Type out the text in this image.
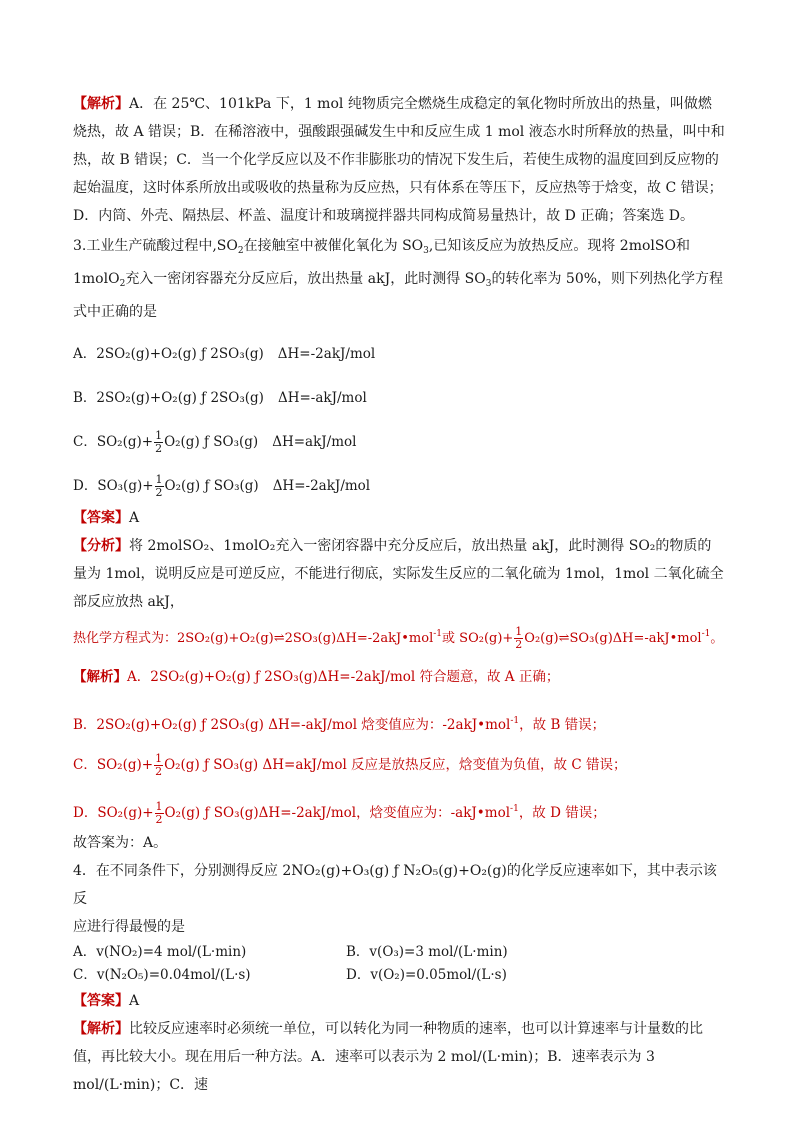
【解析】A．在 25℃、101kPa 下，1 mol 纯物质完全燃烧生成稳定的氧化物时所放出的热量，叫做燃烧热，故 A 错误；B．在稀溶液中，强酸跟强碱发生中和反应生成 1 mol 液态水时所释放的热量，叫中和热，故 B 错误；C．当一个化学反应以及不作非膨胀功的情况下发生后，若使生成物的温度回到反应物的起始温度，这时体系所放出或吸收的热量称为反应热，只有体系在等压下，反应热等于焓变，故 C 错误；D．内筒、外壳、隔热层、杯盖、温度计和玻璃搅拌器共同构成简易量热计，故 D 正确；答案选 D。

3.工业生产硫酸过程中$,SO_2$在接触室中被催化氧化为 $SO_3$,已知该反应为放热反应。现将 2molSO和 1molO$_2$充入一密闭容器充分反应后，放出热量 akJ，此时测得 $SO_3$的转化率为 50%，则下列热化学方程式中正确的是

A．2SO₂(g)+O₂(g) ƒ 2SO₃(g) ΔH=-2akJ/mol
B．2SO₂(g)+O₂(g) ƒ 2SO₃(g) ΔH=-akJ/mol
C．$SO_2(g)+ \frac{1}{2} O_2(g)$ ƒ SO₃(g) ΔH=akJ/mol
D．$SO_3(g)+ \frac{1}{2} O_2(g)$ ƒ SO₃(g) ΔH=-2akJ/mol

【答案】A

【分析】将 2molSO₂、1molO₂充入一密闭容器中充分反应后，放出热量 akJ，此时测得 SO₂的物质的量为 1mol，说明反应是可逆反应，不能进行彻底，实际发生反应的二氧化硫为 1mol，1mol 二氧化硫全部反应放热 akJ，

热化学方程式为：2SO₂(g)+O₂(g)⇌2SO₃(g)ΔH=-2akJ•mol$^{-1}$或 $SO_2(g)+ \frac{1}{2}$ O₂(g)⇌SO₃(g)ΔH=-akJ•mol$^{-1}$。

【解析】A．2SO₂(g)+O₂(g) ƒ 2SO₃(g)ΔH=-2akJ/mol 符合题意，故 A 正确；
B．2SO₂(g)+O₂(g) ƒ 2SO₃(g) ΔH=-akJ/mol 焓变值应为：-2akJ•mol$^{-1}$，故 B 错误；
C．$SO_2(g)+ \frac{1}{2} O_2(g)$ ƒ SO₃(g) ΔH=akJ/mol 反应是放热反应，焓变值为负值，故 C 错误；
D．$SO_2(g)+ \frac{1}{2} O_2(g)$ ƒ SO₃(g)ΔH=-2akJ/mol，焓变值应为：-akJ•mol$^{-1}$，故 D 错误；

故答案为：A。

4．在不同条件下，分别测得反应 2NO₂(g)+O₃(g) ƒ N₂O₅(g)+O₂(g)的化学反应速率如下，其中表示该反
应进行得最慢的是

A．v(NO₂)=4 mol/(L·min)	B．v(O₃)=3 mol/(L·min)
C．v(N₂O₅)=0.04mol/(L·s)	D．v(O₂)=0.05mol/(L·s)

【答案】A

【解析】比较反应速率时必须统一单位，可以转化为同一种物质的速率，也可以计算速率与计量数的比值，再比较大小。现在用后一种方法。A．速率可以表示为 2 mol/(L·min)；B．速率表示为 3 mol/(L·min)；C．速
